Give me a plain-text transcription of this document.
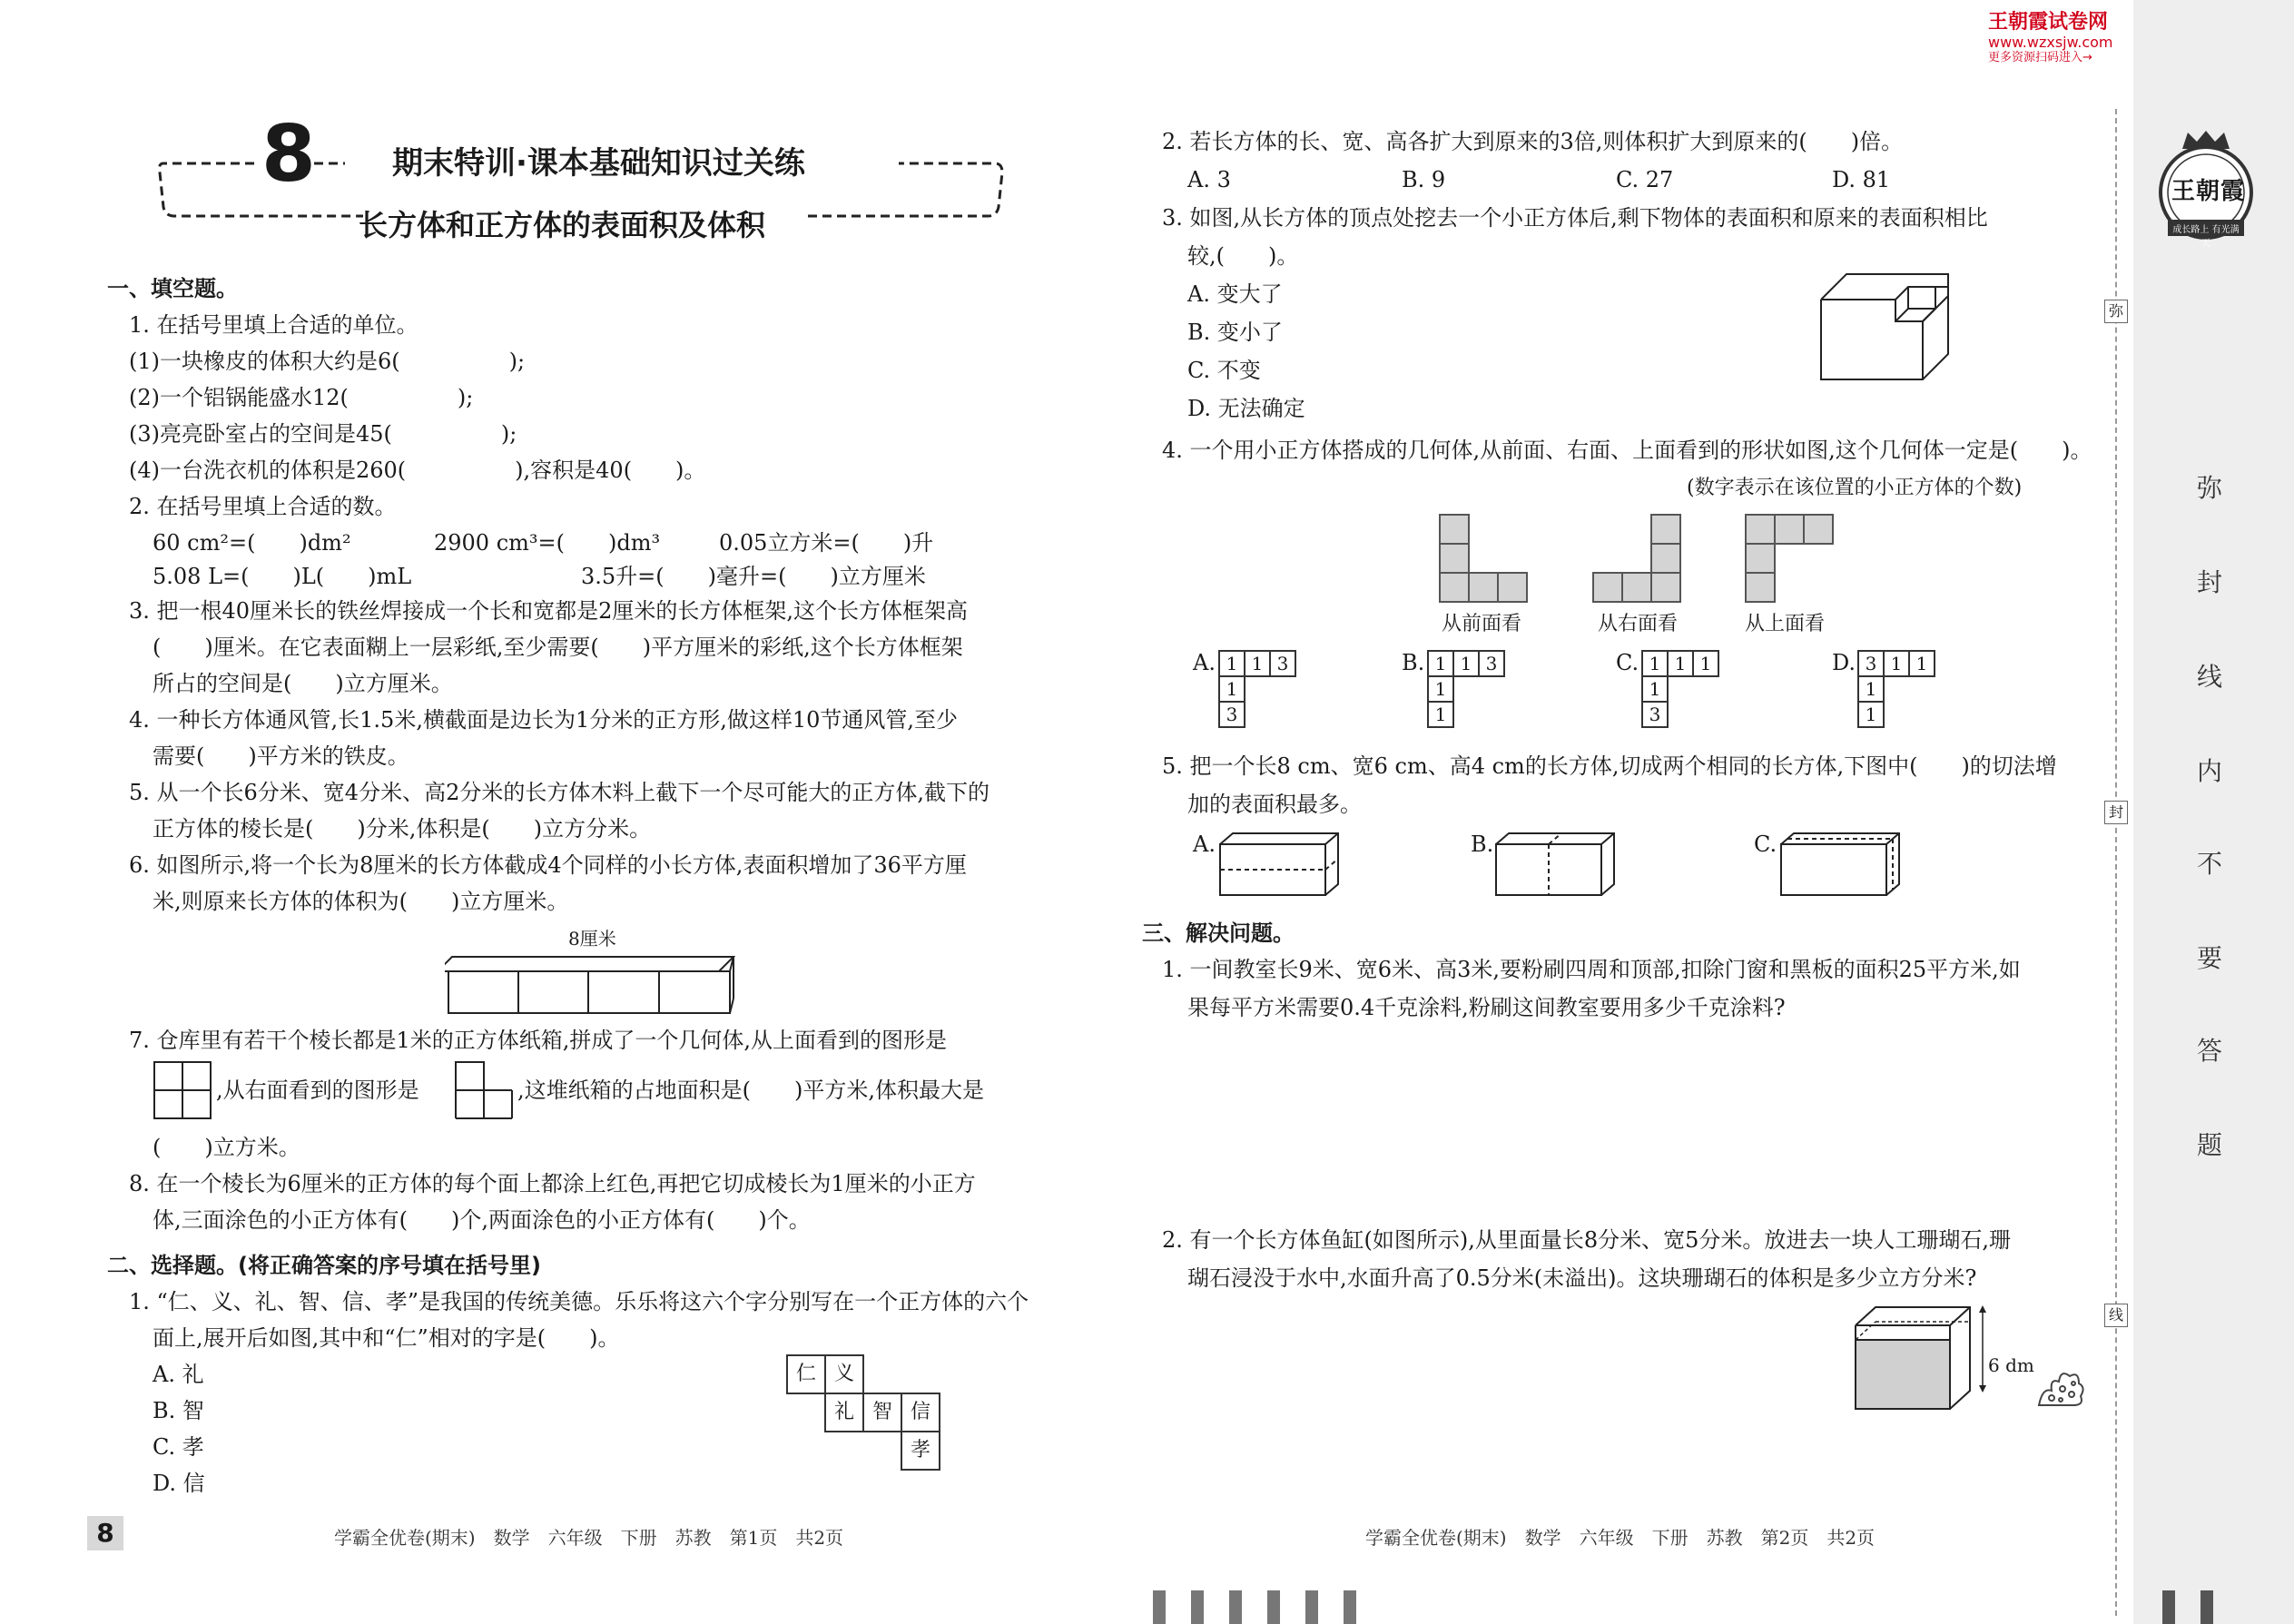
王朝霞试卷网
www.wzxsjw.com
更多资源扫码进入→
8 期末特训·课本基础知识过关练
长方体和正方体的表面积及体积
一、填空题。
1. 在括号里填上合适的单位。
(1)一块橡皮的体积大约是6(　　　　　);
(2)一个铝锅能盛水12(　　　　　);
(3)亮亮卧室占的空间是45(　　　　　);
(4)一台洗衣机的体积是260(　　　　　),容积是40(　　)。
2. 在括号里填上合适的数。
60 cm²=(　　)dm²	2900 cm³=(　　)dm³	0.05立方米=(　　)升
5.08 L=(　　)L(　　)mL	3.5升=(　　)毫升=(　　)立方厘米
3. 把一根40厘米长的铁丝焊接成一个长和宽都是2厘米的长方体框架,这个长方体框架高
(　　)厘米。在它表面糊上一层彩纸,至少需要(　　)平方厘米的彩纸,这个长方体框架
所占的空间是(　　)立方厘米。
4. 一种长方体通风管,长1.5米,横截面是边长为1分米的正方形,做这样10节通风管,至少
需要(　　)平方米的铁皮。
5. 从一个长6分米、宽4分米、高2分米的长方体木料上截下一个尽可能大的正方体,截下的
正方体的棱长是(　　)分米,体积是(　　)立方分米。
6. 如图所示,将一个长为8厘米的长方体截成4个同样的小长方体,表面积增加了36平方厘
米,则原来长方体的体积为(　　)立方厘米。
8厘米
7. 仓库里有若干个棱长都是1米的正方体纸箱,拼成了一个几何体,从上面看到的图形是
,从右面看到的图形是	,这堆纸箱的占地面积是(　　)平方米,体积最大是
(　　)立方米。
8. 在一个棱长为6厘米的正方体的每个面上都涂上红色,再把它切成棱长为1厘米的小正方
体,三面涂色的小正方体有(　　)个,两面涂色的小正方体有(　　)个。
二、选择题。(将正确答案的序号填在括号里)
1. “仁、义、礼、智、信、孝”是我国的传统美德。乐乐将这六个字分别写在一个正方体的六个
面上,展开后如图,其中和“仁”相对的字是(　　)。
A. 礼
B. 智
C. 孝
D. 信
仁 义
礼 智 信
孝
8	学霸全优卷(期末)　数学　六年级　下册　苏教　第1页　共2页
2. 若长方体的长、宽、高各扩大到原来的3倍,则体积扩大到原来的(　　)倍。
A. 3	B. 9	C. 27	D. 81
3. 如图,从长方体的顶点处挖去一个小正方体后,剩下物体的表面积和原来的表面积相比
较,(　　)。
A. 变大了
B. 变小了
C. 不变
D. 无法确定
4. 一个用小正方体搭成的几何体,从前面、右面、上面看到的形状如图,这个几何体一定是(　　)。
(数字表示在该位置的小正方体的个数)
从前面看	从右面看	从上面看
A. 1	1	3
1		
3		
B. 1	1	3
1		
1		
C. 1	1	1
1		
3		
D. 3	1	1
1		
1		
5. 把一个长8 cm、宽6 cm、高4 cm的长方体,切成两个相同的长方体,下图中(　　)的切法增
加的表面积最多。
A.	B.	C.
三、解决问题。
1. 一间教室长9米、宽6米、高3米,要粉刷四周和顶部,扣除门窗和黑板的面积25平方米,如
果每平方米需要0.4千克涂料,粉刷这间教室要用多少千克涂料?
2. 有一个长方体鱼缸(如图所示),从里面量长8分米、宽5分米。放进去一块人工珊瑚石,珊
瑚石浸没于水中,水面升高了0.5分米(未溢出)。这块珊瑚石的体积是多少立方分米?
6 dm
学霸全优卷(期末)　数学　六年级　下册　苏教　第2页　共2页
弥
封
线
王朝霞
成长路上 有光满天
弥
封
线
内
不
要
答
题
